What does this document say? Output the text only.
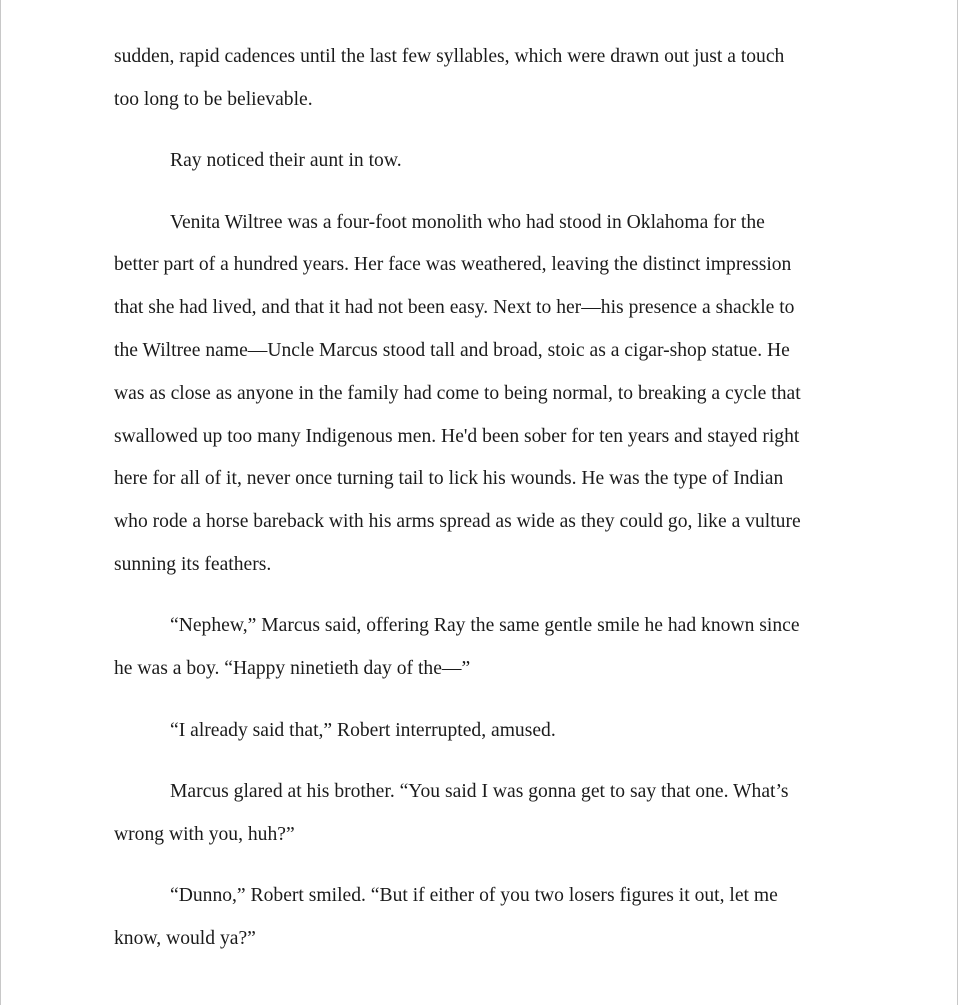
sudden, rapid cadences until the last few syllables, which were drawn out just a touch
too long to be believable.

Ray noticed their aunt in tow.

Venita Wiltree was a four-foot monolith who had stood in Oklahoma for the
better part of a hundred years. Her face was weathered, leaving the distinct impression
that she had lived, and that it had not been easy. Next to her—his presence a shackle to
the Wiltree name—Uncle Marcus stood tall and broad, stoic as a cigar-shop statue. He
was as close as anyone in the family had come to being normal, to breaking a cycle that
swallowed up too many Indigenous men. He'd been sober for ten years and stayed right
here for all of it, never once turning tail to lick his wounds. He was the type of Indian
who rode a horse bareback with his arms spread as wide as they could go, like a vulture
sunning its feathers.

“Nephew,” Marcus said, offering Ray the same gentle smile he had known since
he was a boy. “Happy ninetieth day of the—”

“I already said that,” Robert interrupted, amused.

Marcus glared at his brother. “You said I was gonna get to say that one. What’s
wrong with you, huh?”

“Dunno,” Robert smiled. “But if either of you two losers figures it out, let me
know, would ya?”
